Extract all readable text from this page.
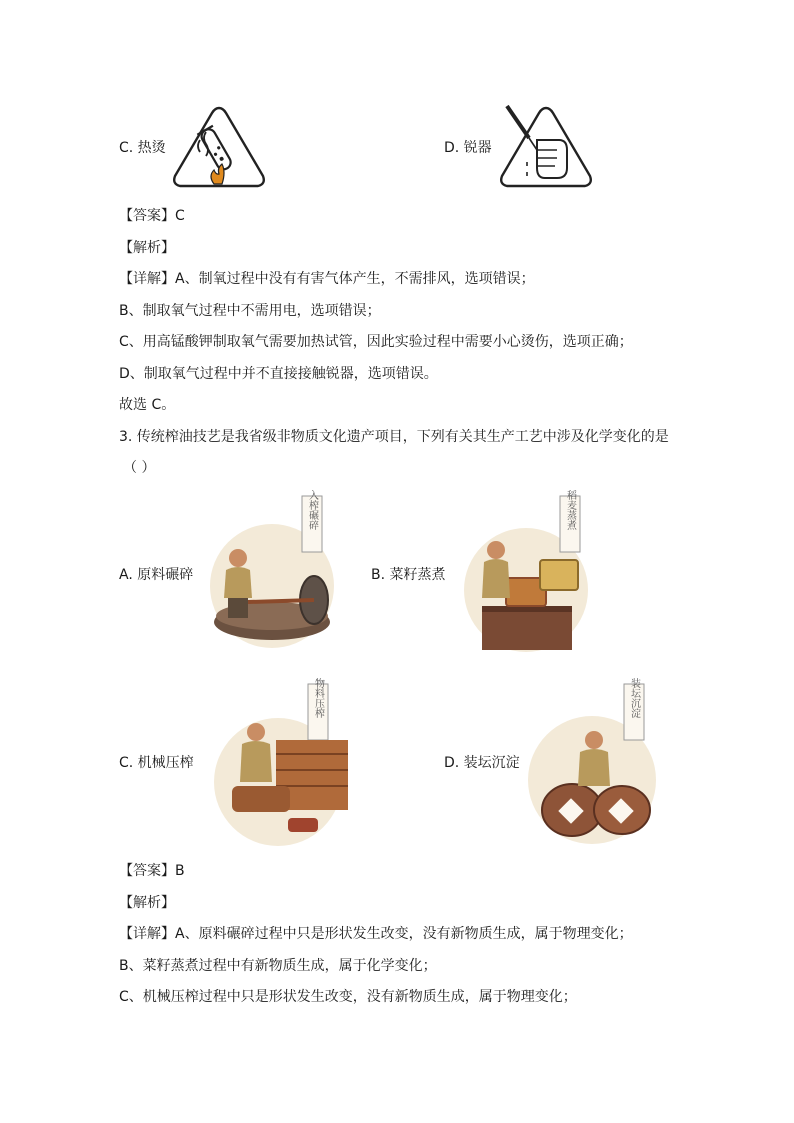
C. 热烫	D. 锐器
【答案】C
【解析】
【详解】A、制氧过程中没有有害气体产生，不需排风，选项错误；
B、制取氧气过程中不需用电，选项错误；
C、用高锰酸钾制取氧气需要加热试管，因此实验过程中需要小心烫伤，选项正确；
D、制取氧气过程中并不直接接触锐器，选项错误。
故选 C。
3. 传统榨油技艺是我省级非物质文化遗产项目，下列有关其生产工艺中涉及化学变化的是
（ ）
A. 原料碾碎
入榨碾碎
B. 菜籽蒸煮
稻麦蒸煮
C. 机械压榨
物料压榨
D. 装坛沉淀
装坛沉淀
【答案】B
【解析】
【详解】A、原料碾碎过程中只是形状发生改变，没有新物质生成，属于物理变化；
B、菜籽蒸煮过程中有新物质生成，属于化学变化；
C、机械压榨过程中只是形状发生改变，没有新物质生成，属于物理变化；
